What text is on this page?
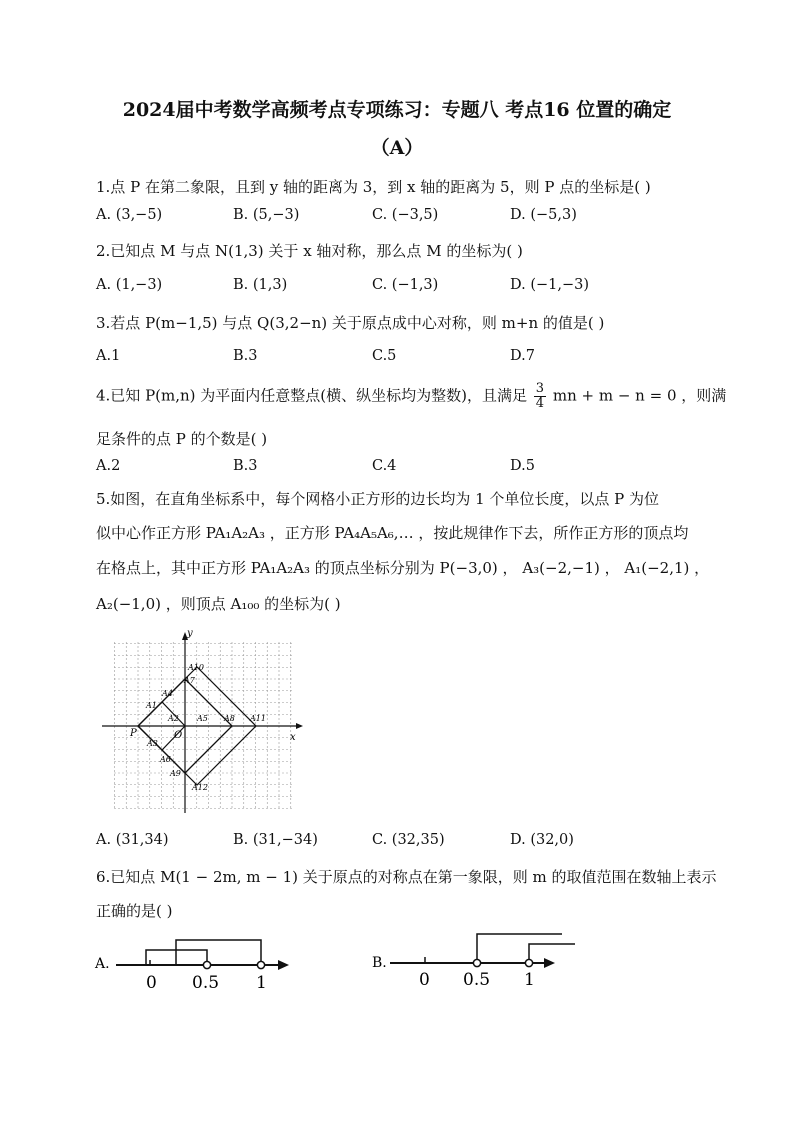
2024届中考数学高频考点专项练习：专题八 考点16 位置的确定
（A）
1.点 P 在第二象限，且到 y 轴的距离为 3，到 x 轴的距离为 5，则 P 点的坐标是( )
A. (3,−5)	B. (5,−3)	C. (−3,5)	D. (−5,3)
2.已知点 M 与点 N(1,3) 关于 x 轴对称，那么点 M 的坐标为( )
A. (1,−3)	B. (1,3)	C. (−1,3)	D. (−1,−3)
3.若点 P(m−1,5) 与点 Q(3,2−n) 关于原点成中心对称，则 m+n 的值是( )
A.1	B.3	C.5	D.7
4.已知 P(m,n) 为平面内任意整点(横、纵坐标均为整数)，且满足 $\frac{3}{4}$ mn + m − n = 0 ，则满
足条件的点 P 的个数是( )
A.2	B.3	C.4	D.5
5.如图，在直角坐标系中，每个网格小正方形的边长均为 1 个单位长度，以点 P 为位
似中心作正方形 PA₁A₂A₃ ，正方形 PA₄A₅A₆,… ，按此规律作下去，所作正方形的顶点均
在格点上，其中正方形 PA₁A₂A₃ 的顶点坐标分别为 P(−3,0) ， A₃(−2,−1) ， A₁(−2,1) ，
A₂(−1,0) ，则顶点 A₁₀₀ 的坐标为( )
y
x
O
P
A1
A2
A3
A4
A5
A6
A7
A8
A9
A10
A11
A12
A. (31,34)	B. (31,−34)	C. (32,35)	D. (32,0)
6.已知点 M(1 − 2m, m − 1) 关于原点的对称点在第一象限，则 m 的取值范围在数轴上表示
正确的是( )
A.
0 0.5 1
B.
0 0.5 1
